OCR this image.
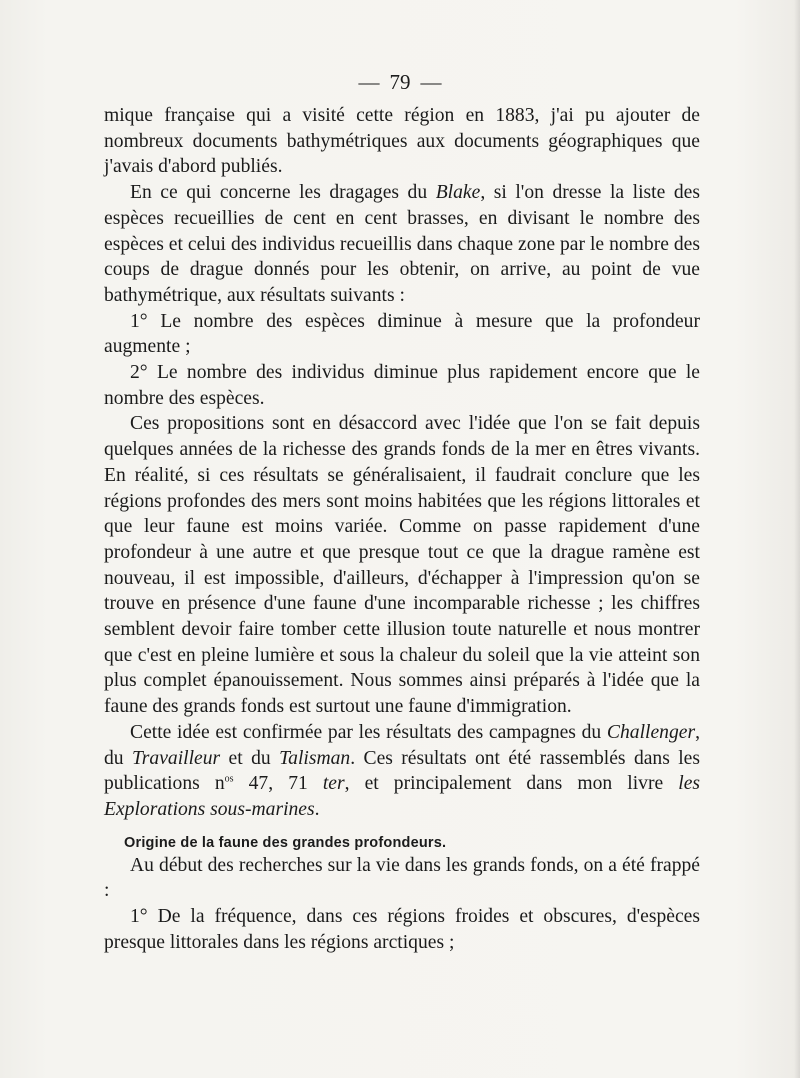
— 79 —

mique française qui a visité cette région en 1883, j'ai pu ajouter de nombreux documents bathymétriques aux documents géographiques que j'avais d'abord publiés.

En ce qui concerne les dragages du Blake, si l'on dresse la liste des espèces recueillies de cent en cent brasses, en divisant le nombre des espèces et celui des individus recueillis dans chaque zone par le nombre des coups de drague donnés pour les obtenir, on arrive, au point de vue bathymétrique, aux résultats suivants :

1° Le nombre des espèces diminue à mesure que la profondeur augmente ;

2° Le nombre des individus diminue plus rapidement encore que le nombre des espèces.

Ces propositions sont en désaccord avec l'idée que l'on se fait depuis quelques années de la richesse des grands fonds de la mer en êtres vivants. En réalité, si ces résultats se généralisaient, il faudrait conclure que les régions profondes des mers sont moins habitées que les régions littorales et que leur faune est moins variée. Comme on passe rapidement d'une profondeur à une autre et que presque tout ce que la drague ramène est nouveau, il est impossible, d'ailleurs, d'échapper à l'impression qu'on se trouve en présence d'une faune d'une incomparable richesse ; les chiffres semblent devoir faire tomber cette illusion toute naturelle et nous montrer que c'est en pleine lumière et sous la chaleur du soleil que la vie atteint son plus complet épanouissement. Nous sommes ainsi préparés à l'idée que la faune des grands fonds est surtout une faune d'immigration.

Cette idée est confirmée par les résultats des campagnes du Challenger, du Travailleur et du Talisman. Ces résultats ont été rassemblés dans les publications $n^{os}$ 47, 71 ter, et principalement dans mon livre les Explorations sous-marines.

Origine de la faune des grandes profondeurs.

Au début des recherches sur la vie dans les grands fonds, on a été frappé :

1° De la fréquence, dans ces régions froides et obscures, d'espèces presque littorales dans les régions arctiques ;
